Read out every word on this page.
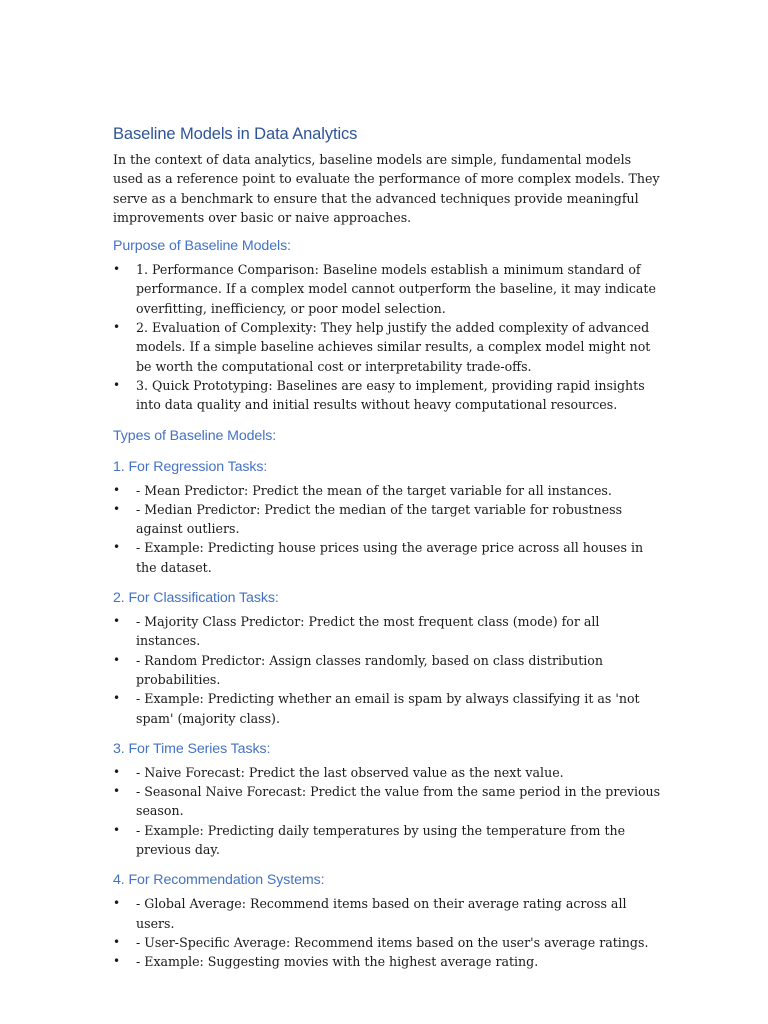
Baseline Models in Data Analytics

In the context of data analytics, baseline models are simple, fundamental models used as a reference point to evaluate the performance of more complex models. They serve as a benchmark to ensure that the advanced techniques provide meaningful improvements over basic or naive approaches.

Purpose of Baseline Models:
• 1. Performance Comparison: Baseline models establish a minimum standard of performance. If a complex model cannot outperform the baseline, it may indicate overfitting, inefficiency, or poor model selection.
• 2. Evaluation of Complexity: They help justify the added complexity of advanced models. If a simple baseline achieves similar results, a complex model might not be worth the computational cost or interpretability trade-offs.
• 3. Quick Prototyping: Baselines are easy to implement, providing rapid insights into data quality and initial results without heavy computational resources.
Types of Baseline Models:
1. For Regression Tasks:
• - Mean Predictor: Predict the mean of the target variable for all instances.
• - Median Predictor: Predict the median of the target variable for robustness against outliers.
• - Example: Predicting house prices using the average price across all houses in the dataset.
2. For Classification Tasks:
• - Majority Class Predictor: Predict the most frequent class (mode) for all instances.
• - Random Predictor: Assign classes randomly, based on class distribution probabilities.
• - Example: Predicting whether an email is spam by always classifying it as 'not spam' (majority class).
3. For Time Series Tasks:
• - Naive Forecast: Predict the last observed value as the next value.
• - Seasonal Naive Forecast: Predict the value from the same period in the previous season.
• - Example: Predicting daily temperatures by using the temperature from the previous day.
4. For Recommendation Systems:
• - Global Average: Recommend items based on their average rating across all users.
• - User-Specific Average: Recommend items based on the user's average ratings.
• - Example: Suggesting movies with the highest average rating.
